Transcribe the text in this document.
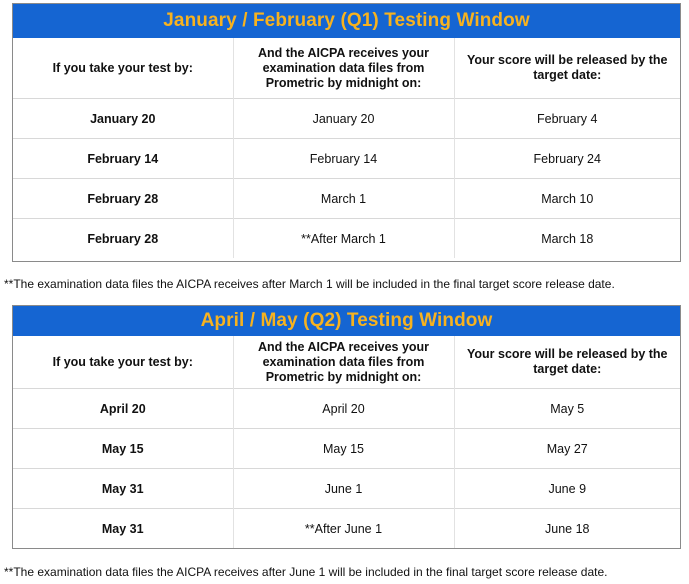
January / February (Q1) Testing Window
If you take your test by:	And the AICPA receives your examination data files from Prometric by midnight on:	Your score will be released by the target date:
January 20	January 20	February 4
February 14	February 14	February 24
February 28	March 1	March 10
February 28	**After March 1	March 18
**The examination data files the AICPA receives after March 1 will be included in the final target score release date.
April / May (Q2) Testing Window
If you take your test by:	And the AICPA receives your examination data files from Prometric by midnight on:	Your score will be released by the target date:
April 20	April 20	May 5
May 15	May 15	May 27
May 31	June 1	June 9
May 31	**After June 1	June 18
**The examination data files the AICPA receives after June 1 will be included in the final target score release date.
